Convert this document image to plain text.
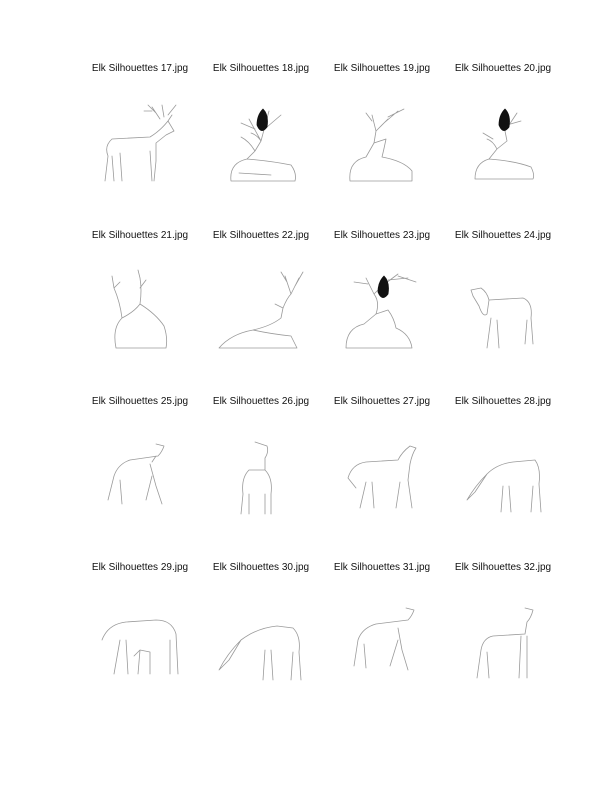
Elk Silhouettes 17.jpg	Elk Silhouettes 18.jpg	Elk Silhouettes 19.jpg	Elk Silhouettes 20.jpg
Elk Silhouettes 21.jpg	Elk Silhouettes 22.jpg	Elk Silhouettes 23.jpg	Elk Silhouettes 24.jpg
Elk Silhouettes 25.jpg	Elk Silhouettes 26.jpg	Elk Silhouettes 27.jpg	Elk Silhouettes 28.jpg
Elk Silhouettes 29.jpg	Elk Silhouettes 30.jpg	Elk Silhouettes 31.jpg	Elk Silhouettes 32.jpg
